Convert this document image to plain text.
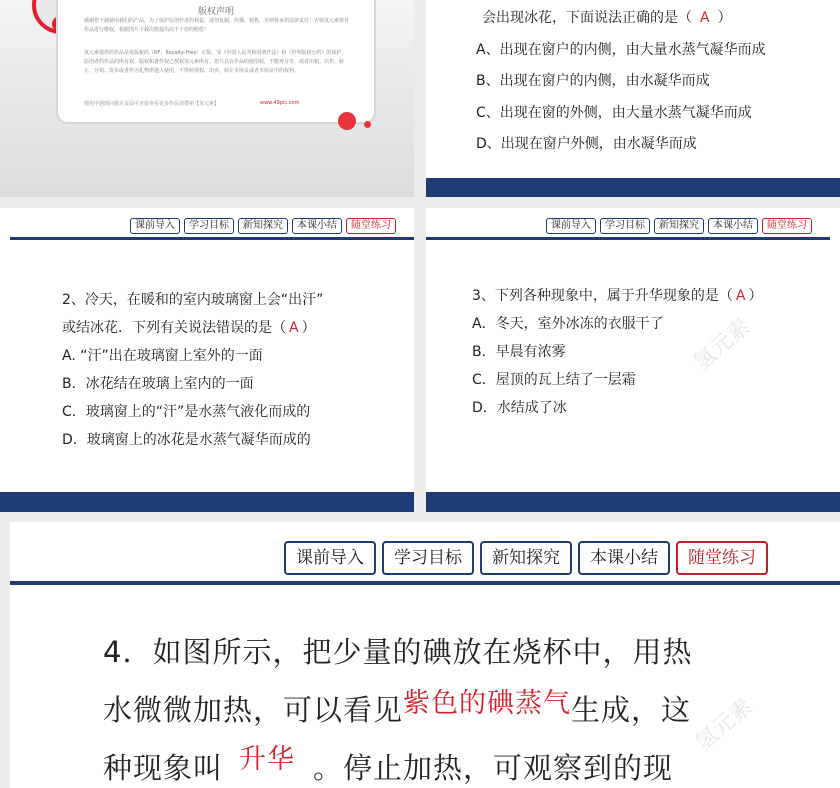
版权声明
感谢您下载使用我们的产品，为了保护原创作者的利益，请勿复制、传播、销售，否则将承担法律责任！否则氢元素将对作品进行维权，根据图片下载次数提出高于十倍的赔偿！
氢元素提供的作品是免版税的（RF：Royalty-Free）正版，受《中国人民共和国著作法》和《世界版权公约》的保护，原创者的作品的所有权、版权和著作权已授权氢元素所有，您只具有作品的使用权，不能再分享，或者出租、出售、转让、分销、发布或者作为礼物供他人使用，不得转授权、出卖、转让本协议或者本协议中的权利。
使用中遇到问题本页面可直接查看更多作品请搜索【氢元素】	www.49pic.com
会出现冰花，下面说法正确的是（ A ）
A、出现在窗户的内侧，由大量水蒸气凝华而成
B、出现在窗户的内侧，由水凝华而成
C、出现在窗的外侧，由大量水蒸气凝华而成
D、出现在窗户外侧，由水凝华而成
课前导入	学习目标	新知探究	本课小结	随堂练习
2、冷天，在暖和的室内玻璃窗上会“出汗”
或结冰花．下列有关说法错误的是（ A ）
A. “汗”出在玻璃窗上室外的一面
B．冰花结在玻璃上室内的一面
C．玻璃窗上的“汗”是水蒸气液化而成的
D．玻璃窗上的冰花是水蒸气凝华而成的
课前导入	学习目标	新知探究	本课小结	随堂练习
3、下列各种现象中，属于升华现象的是（ A ）
A．冬天，室外冰冻的衣服干了
B．早晨有浓雾
C．屋顶的瓦上结了一层霜
D．水结成了冰
氢元素
课前导入	学习目标	新知探究	本课小结	随堂练习
4．如图所示，把少量的碘放在烧杯中，用热
水微微加热，可以看见紫色的碘蒸气生成，这
种现象叫 升华 。停止加热，可观察到的现
氢元素
